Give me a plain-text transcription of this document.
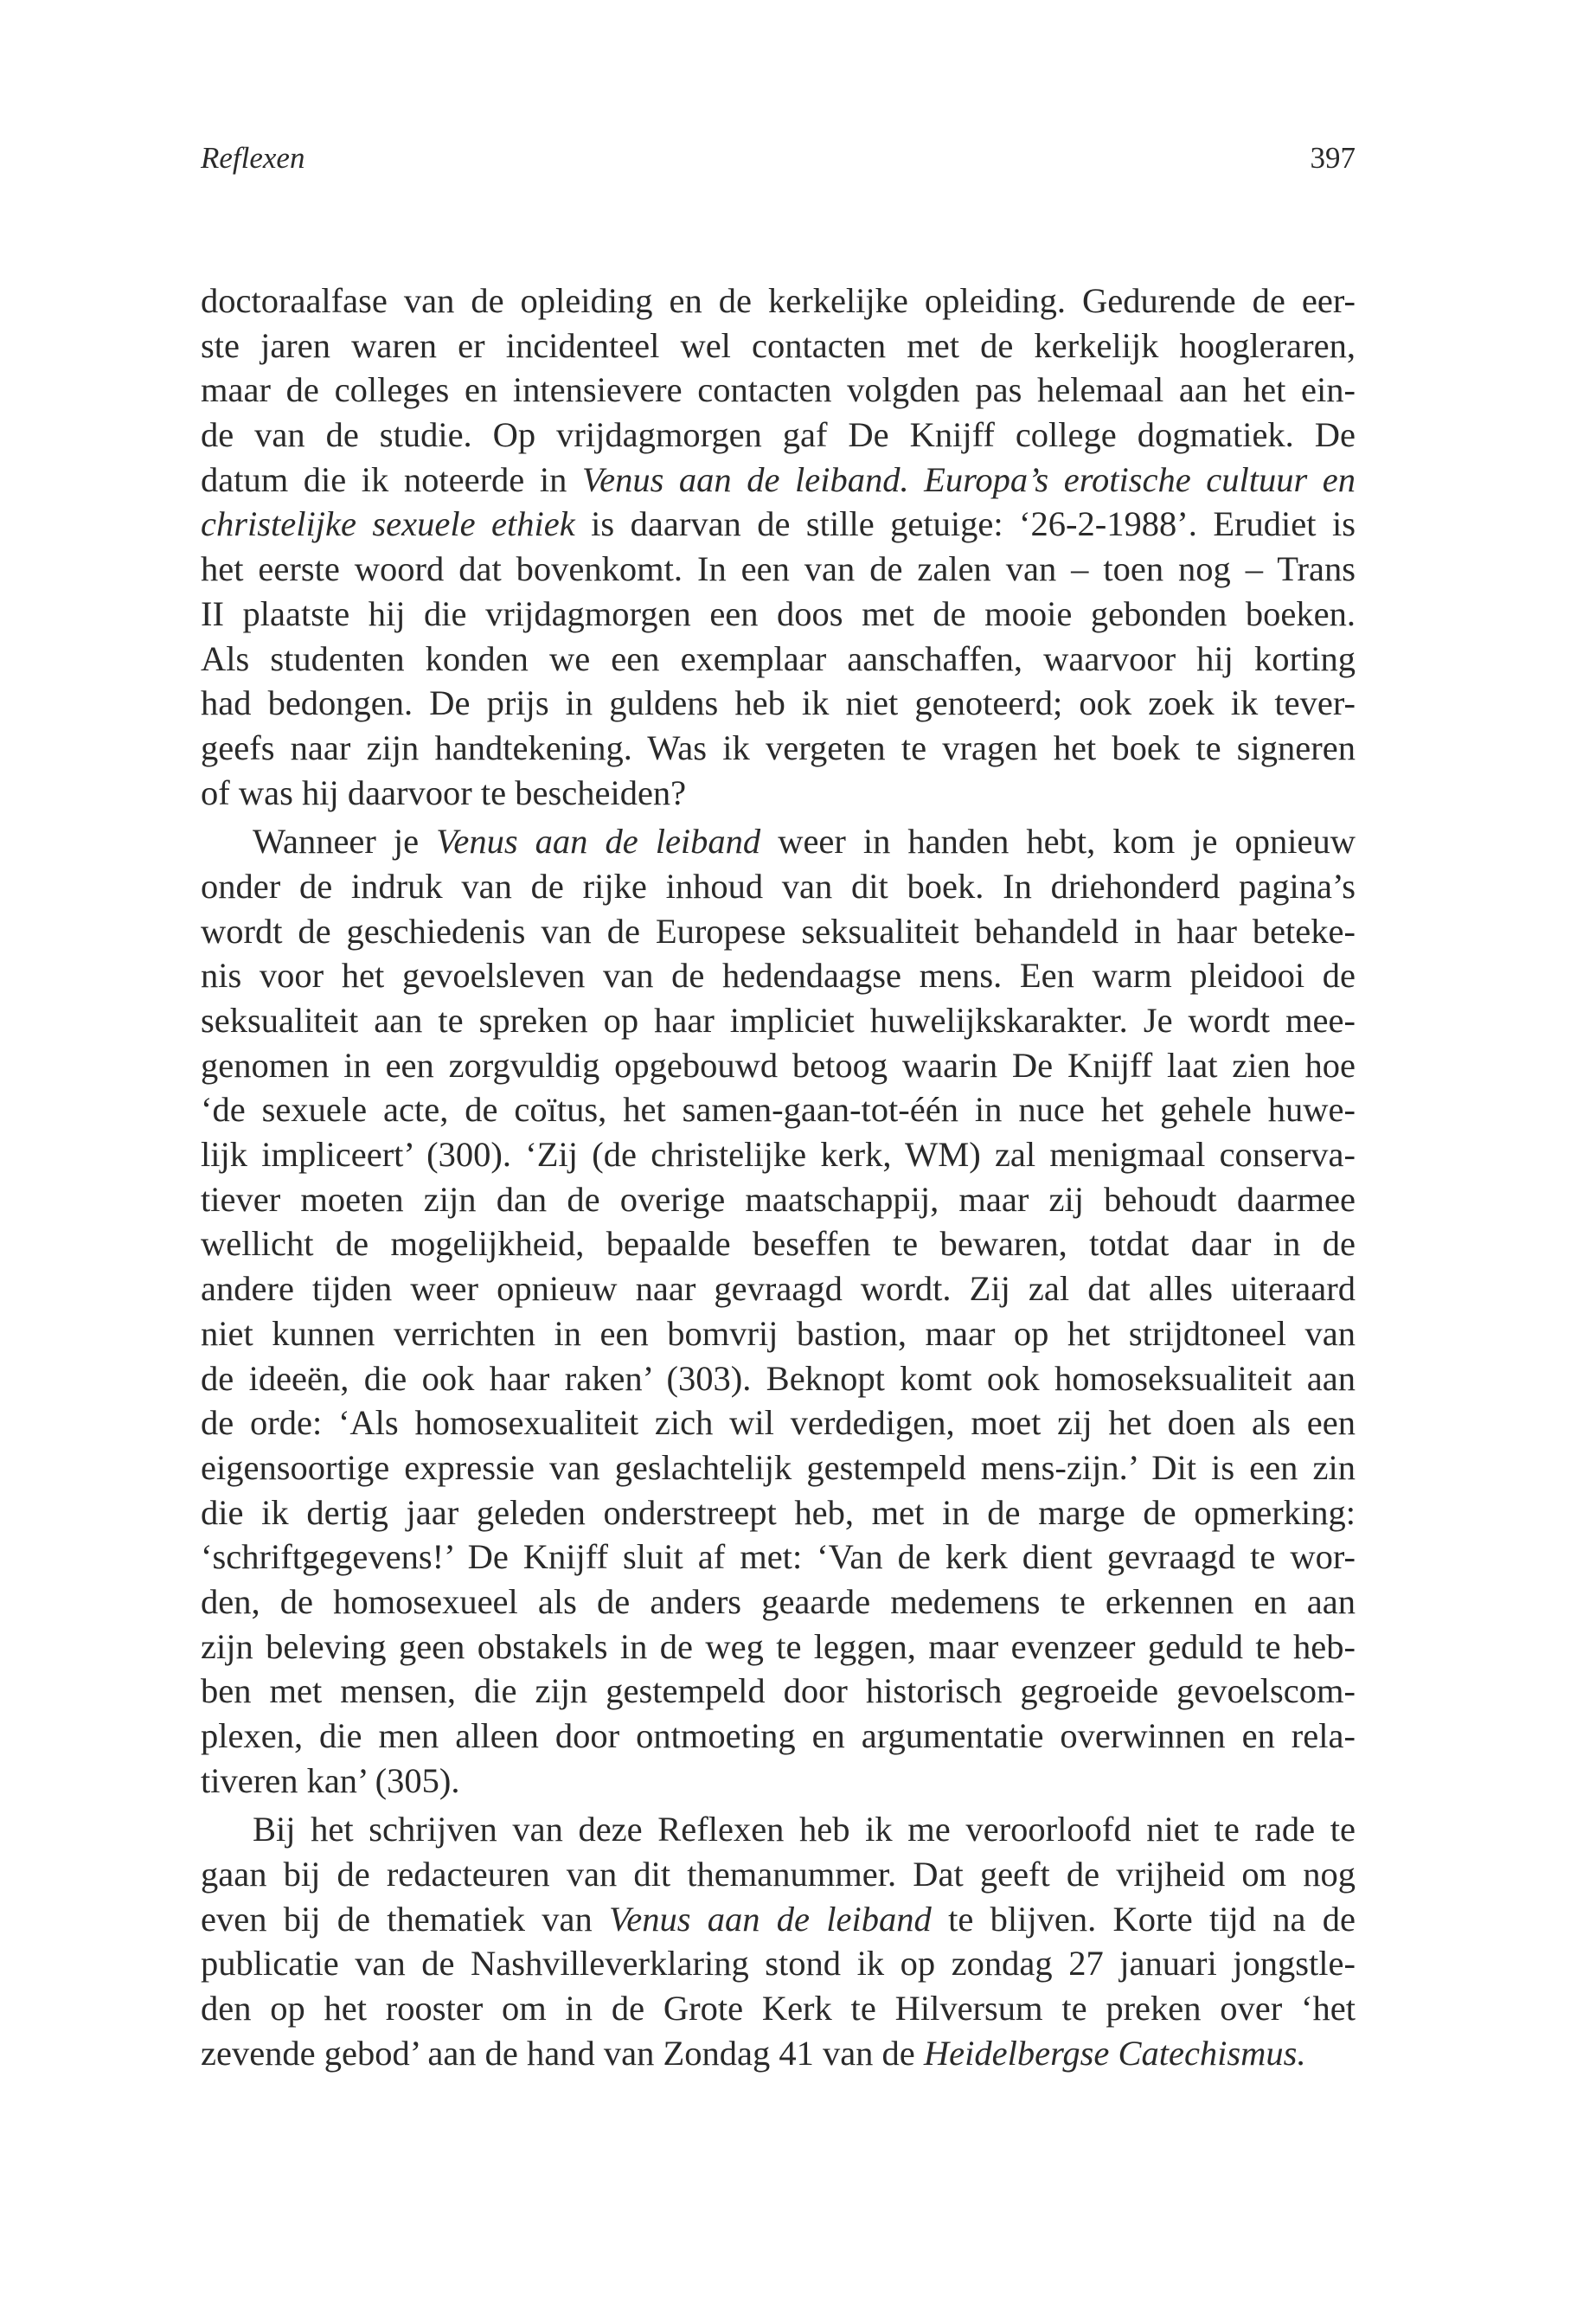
Reflexen	397
doctoraalfase van de opleiding en de kerkelijke opleiding. Gedurende de eer-
ste jaren waren er incidenteel wel contacten met de kerkelijk hoogleraren,
maar de colleges en intensievere contacten volgden pas helemaal aan het ein-
de van de studie. Op vrijdagmorgen gaf De Knijff college dogmatiek. De
datum die ik noteerde in Venus aan de leiband. Europa’s erotische cultuur en
christelijke sexuele ethiek is daarvan de stille getuige: ‘26-2-1988’. Erudiet is
het eerste woord dat bovenkomt. In een van de zalen van – toen nog – Trans
II plaatste hij die vrijdagmorgen een doos met de mooie gebonden boeken.
Als studenten konden we een exemplaar aanschaffen, waarvoor hij korting
had bedongen. De prijs in guldens heb ik niet genoteerd; ook zoek ik tever-
geefs naar zijn handtekening. Was ik vergeten te vragen het boek te signeren
of was hij daarvoor te bescheiden?
Wanneer je Venus aan de leiband weer in handen hebt, kom je opnieuw
onder de indruk van de rijke inhoud van dit boek. In driehonderd pagina’s
wordt de geschiedenis van de Europese seksualiteit behandeld in haar beteke-
nis voor het gevoelsleven van de hedendaagse mens. Een warm pleidooi de
seksualiteit aan te spreken op haar impliciet huwelijkskarakter. Je wordt mee-
genomen in een zorgvuldig opgebouwd betoog waarin De Knijff laat zien hoe
‘de sexuele acte, de coïtus, het samen-gaan-tot-één in nuce het gehele huwe-
lijk impliceert’ (300). ‘Zij (de christelijke kerk, WM) zal menigmaal conserva-
tiever moeten zijn dan de overige maatschappij, maar zij behoudt daarmee
wellicht de mogelijkheid, bepaalde beseffen te bewaren, totdat daar in de
andere tijden weer opnieuw naar gevraagd wordt. Zij zal dat alles uiteraard
niet kunnen verrichten in een bomvrij bastion, maar op het strijdtoneel van
de ideeën, die ook haar raken’ (303). Beknopt komt ook homoseksualiteit aan
de orde: ‘Als homosexualiteit zich wil verdedigen, moet zij het doen als een
eigensoortige expressie van geslachtelijk gestempeld mens-zijn.’ Dit is een zin
die ik dertig jaar geleden onderstreept heb, met in de marge de opmerking:
‘schriftgegevens!’ De Knijff sluit af met: ‘Van de kerk dient gevraagd te wor-
den, de homosexueel als de anders geaarde medemens te erkennen en aan
zijn beleving geen obstakels in de weg te leggen, maar evenzeer geduld te heb-
ben met mensen, die zijn gestempeld door historisch gegroeide gevoelscom-
plexen, die men alleen door ontmoeting en argumentatie overwinnen en rela-
tiveren kan’ (305).
Bij het schrijven van deze Reflexen heb ik me veroorloofd niet te rade te
gaan bij de redacteuren van dit themanummer. Dat geeft de vrijheid om nog
even bij de thematiek van Venus aan de leiband te blijven. Korte tijd na de
publicatie van de Nashvilleverklaring stond ik op zondag 27 januari jongstle-
den op het rooster om in de Grote Kerk te Hilversum te preken over ‘het
zevende gebod’ aan de hand van Zondag 41 van de Heidelbergse Catechismus.
